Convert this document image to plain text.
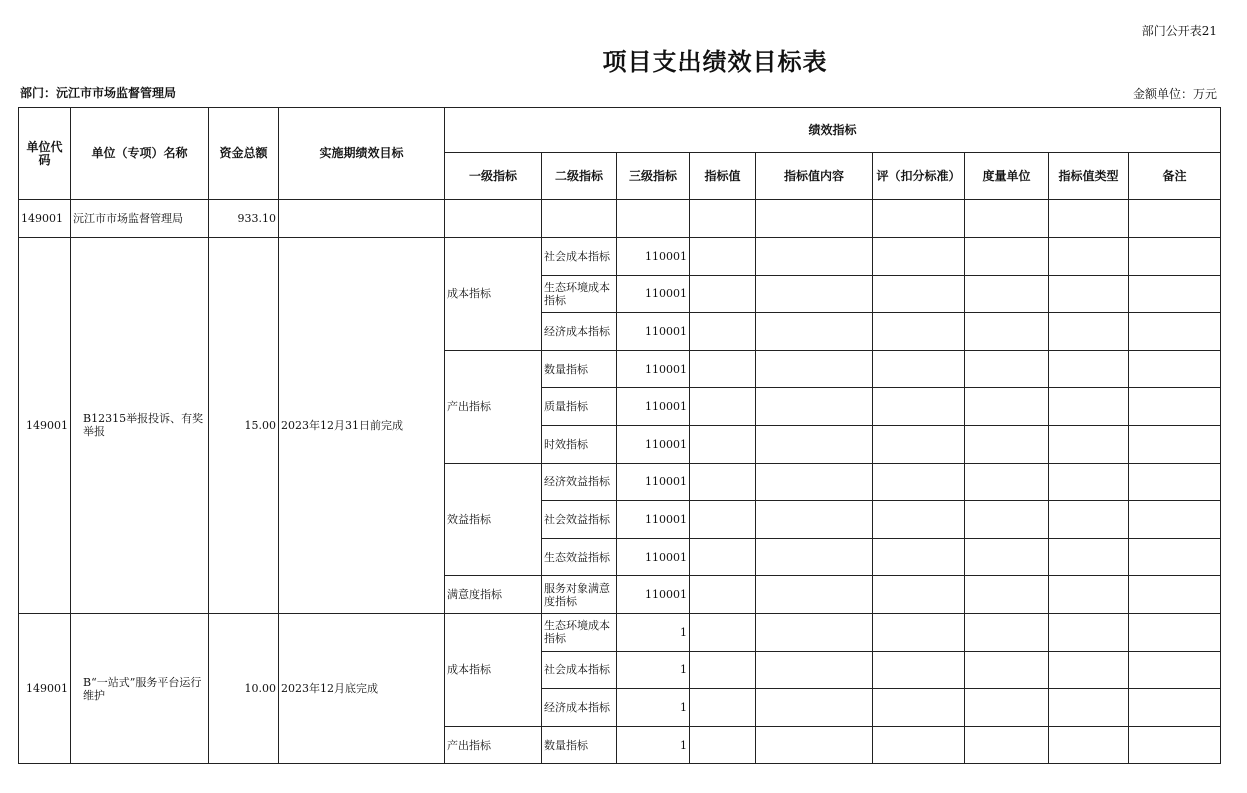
部门公开表21
项目支出绩效目标表
部门：沅江市市场监督管理局	金额单位：万元
单位代码	单位（专项）名称	资金总额	实施期绩效目标	绩效指标								
				一级指标	二级指标	三级指标	指标值	指标值内容	评（扣分标准）	度量单位	指标值类型	备注
149001	沅江市市场监督管理局	933.10										
149001	B12315举报投诉、有奖举报	15.00	2023年12月31日前完成	成本指标	社会成本指标	110001						
					生态环境成本指标	110001						
					经济成本指标	110001						
				产出指标	数量指标	110001						
					质量指标	110001						
					时效指标	110001						
				效益指标	经济效益指标	110001						
					社会效益指标	110001						
					生态效益指标	110001						
				满意度指标	服务对象满意度指标	110001						
149001	B“一站式”服务平台运行维护	10.00	2023年12月底完成	成本指标	生态环境成本指标	1						
					社会成本指标	1						
					经济成本指标	1						
				产出指标	数量指标	1						
